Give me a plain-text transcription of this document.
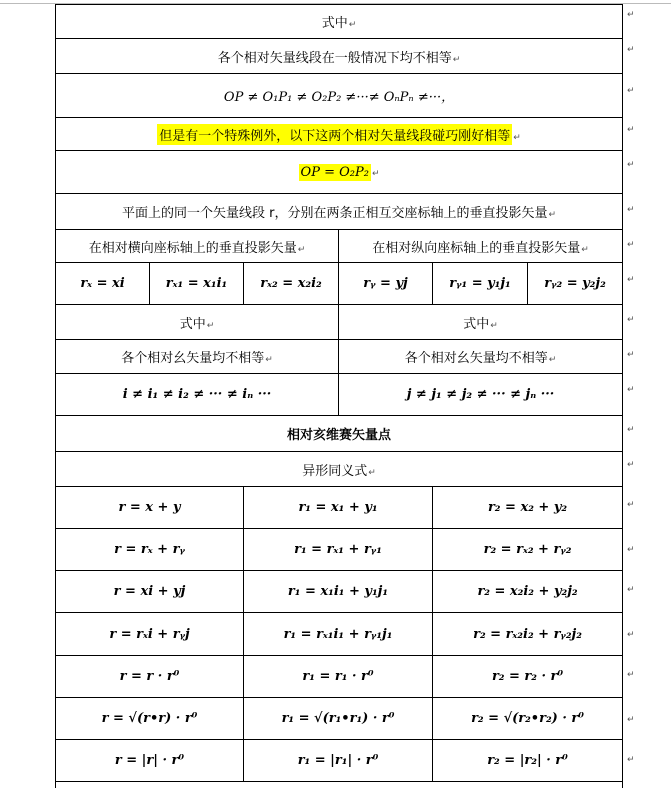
式中↵					
各个相对矢量线段在一般情况下均不相等↵					
OP ≠ O₁P₁ ≠ O₂P₂ ≠···≠ OₙPₙ ≠···，					
但是有一个特殊例外，以下这两个相对矢量线段碰巧刚好相等 ↵					
OP = O₂P₂ ↵					
平面上的同一个矢量线段 r，分别在两条正相互交座标轴上的垂直投影矢量↵					
在相对横向座标轴上的垂直投影矢量↵			在相对纵向座标轴上的垂直投影矢量↵		
rₓ = xi	rₓ₁ = x₁i₁	rₓ₂ = x₂i₂	rᵧ = yj	rᵧ₁ = y₁j₁	rᵧ₂ = y₂j₂
式中↵			式中↵		
各个相对幺矢量均不相等↵			各个相对幺矢量均不相等↵		
i ≠ i₁ ≠ i₂ ≠ ··· ≠ iₙ ···			j ≠ j₁ ≠ j₂ ≠ ··· ≠ jₙ ···		
相对亥维赛矢量点					
异形同义式↵					
r = x + y		r₁ = x₁ + y₁		r₂ = x₂ + y₂	
r = rₓ + rᵧ		r₁ = rₓ₁ + rᵧ₁		r₂ = rₓ₂ + rᵧ₂	
r = xi + yj		r₁ = x₁i₁ + y₁j₁		r₂ = x₂i₂ + y₂j₂	
r = rₓi + rᵧj		r₁ = rₓ₁i₁ + rᵧ₁j₁		r₂ = rₓ₂i₂ + rᵧ₂j₂	
r = r · r⁰		r₁ = r₁ · r⁰		r₂ = r₂ · r⁰	
r = √(r•r) · r⁰		r₁ = √(r₁•r₁) · r⁰		r₂ = √(r₂•r₂) · r⁰	
r = |r| · r⁰		r₁ = |r₁| · r⁰		r₂ = |r₂| · r⁰	

↵
↵
↵
↵
↵
↵
↵
↵
↵
↵
↵
↵
↵
↵
↵
↵
↵
↵
↵
↵
